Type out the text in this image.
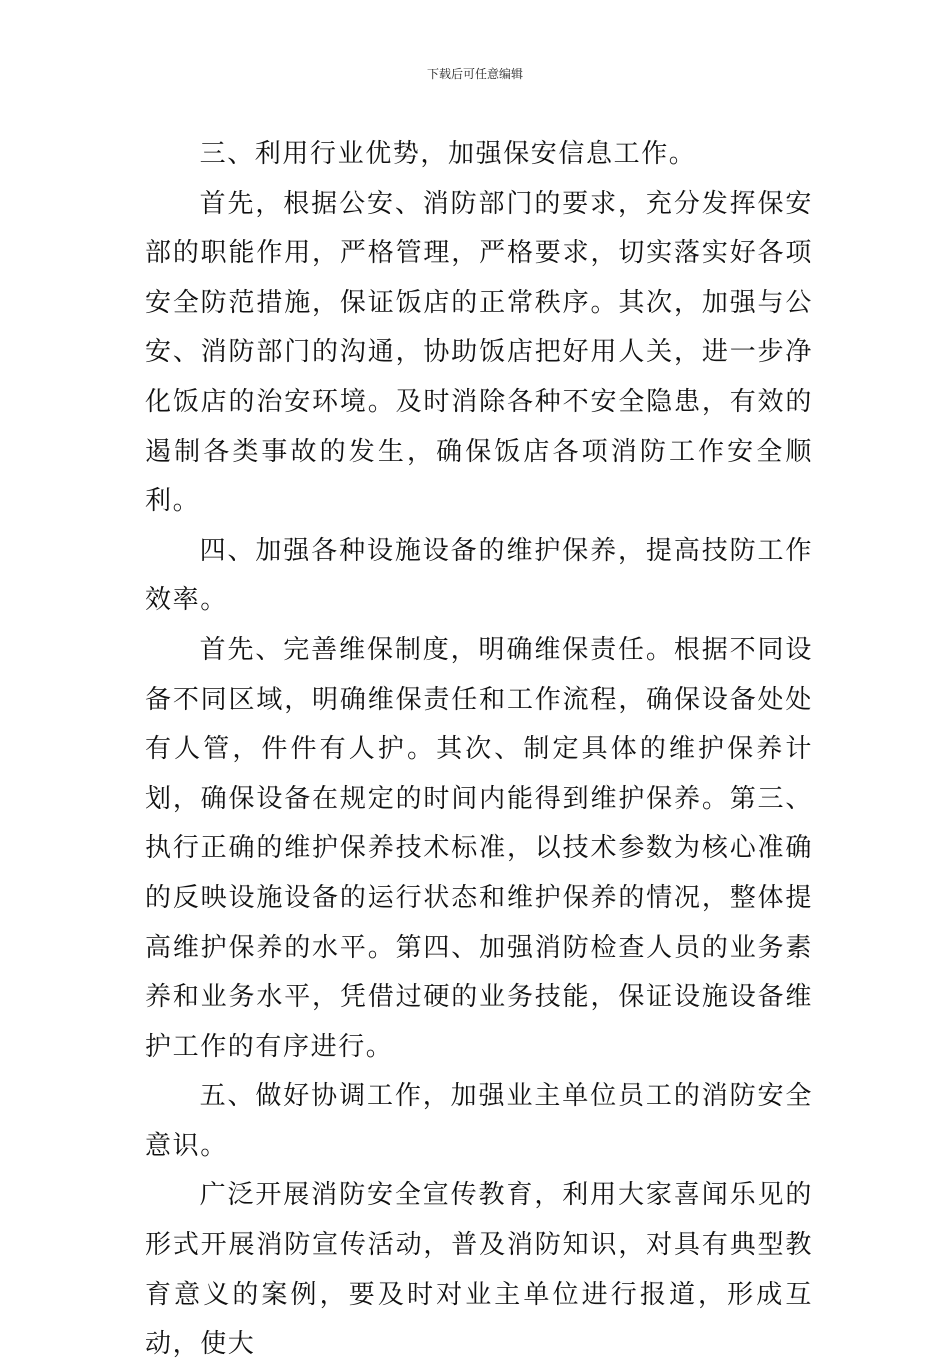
下载后可任意编辑

三、利用行业优势，加强保安信息工作。

首先，根据公安、消防部门的要求，充分发挥保安部的职能作用，严格管理，严格要求，切实落实好各项安全防范措施，保证饭店的正常秩序。其次，加强与公安、消防部门的沟通，协助饭店把好用人关，进一步净化饭店的治安环境。及时消除各种不安全隐患，有效的遏制各类事故的发生，确保饭店各项消防工作安全顺利。

四、加强各种设施设备的维护保养，提高技防工作效率。

首先、完善维保制度，明确维保责任。根据不同设备不同区域，明确维保责任和工作流程，确保设备处处有人管，件件有人护。其次、制定具体的维护保养计划，确保设备在规定的时间内能得到维护保养。第三、执行正确的维护保养技术标准，以技术参数为核心准确的反映设施设备的运行状态和维护保养的情况，整体提高维护保养的水平。第四、加强消防检查人员的业务素养和业务水平，凭借过硬的业务技能，保证设施设备维护工作的有序进行。

五、做好协调工作，加强业主单位员工的消防安全意识。

广泛开展消防安全宣传教育，利用大家喜闻乐见的形式开展消防宣传活动，普及消防知识，对具有典型教育意义的案例，要及时对业主单位进行报道，形成互动，使大
